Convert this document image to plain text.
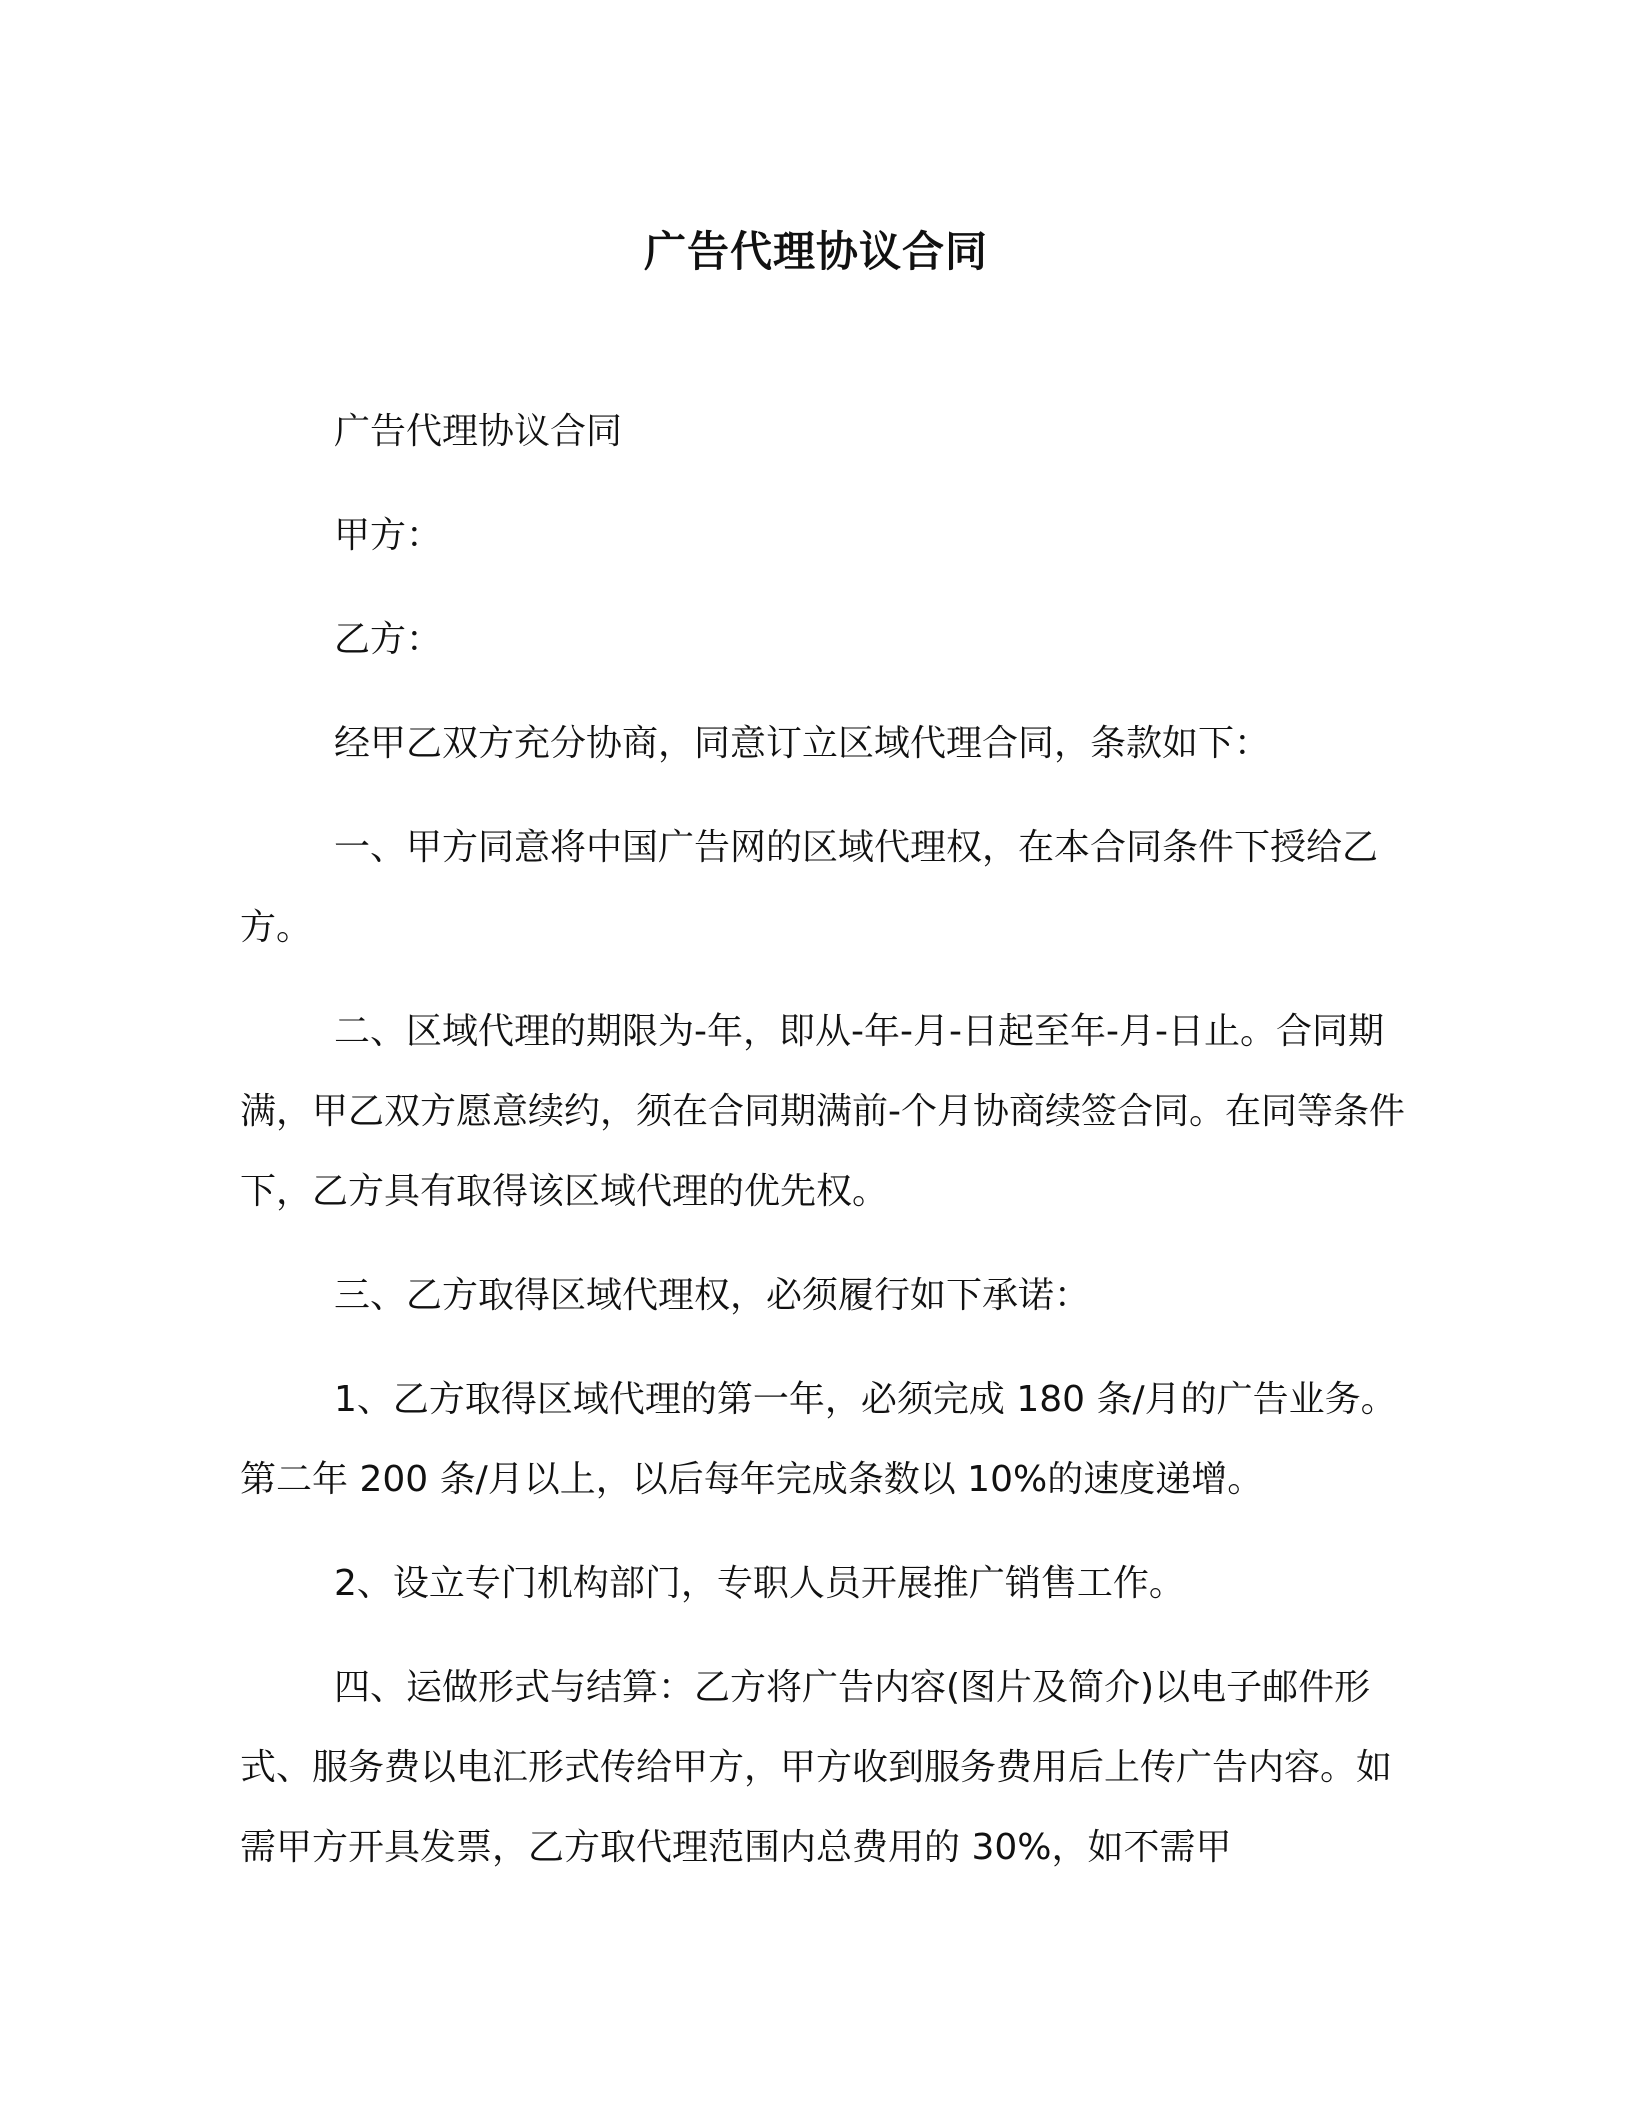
广告代理协议合同

广告代理协议合同

甲方：

乙方：

经甲乙双方充分协商，同意订立区域代理合同，条款如下：

一、甲方同意将中国广告网的区域代理权，在本合同条件下授给乙方。

二、区域代理的期限为-年，即从-年-月-日起至年-月-日止。合同期满，甲乙双方愿意续约，须在合同期满前-个月协商续签合同。在同等条件下，乙方具有取得该区域代理的优先权。

三、乙方取得区域代理权，必须履行如下承诺：

1、乙方取得区域代理的第一年，必须完成 180 条/月的广告业务。第二年 200 条/月以上，以后每年完成条数以 10%的速度递增。

2、设立专门机构部门，专职人员开展推广销售工作。

四、运做形式与结算：乙方将广告内容(图片及简介)以电子邮件形式、服务费以电汇形式传给甲方，甲方收到服务费用后上传广告内容。如需甲方开具发票，乙方取代理范围内总费用的 30%，如不需甲
